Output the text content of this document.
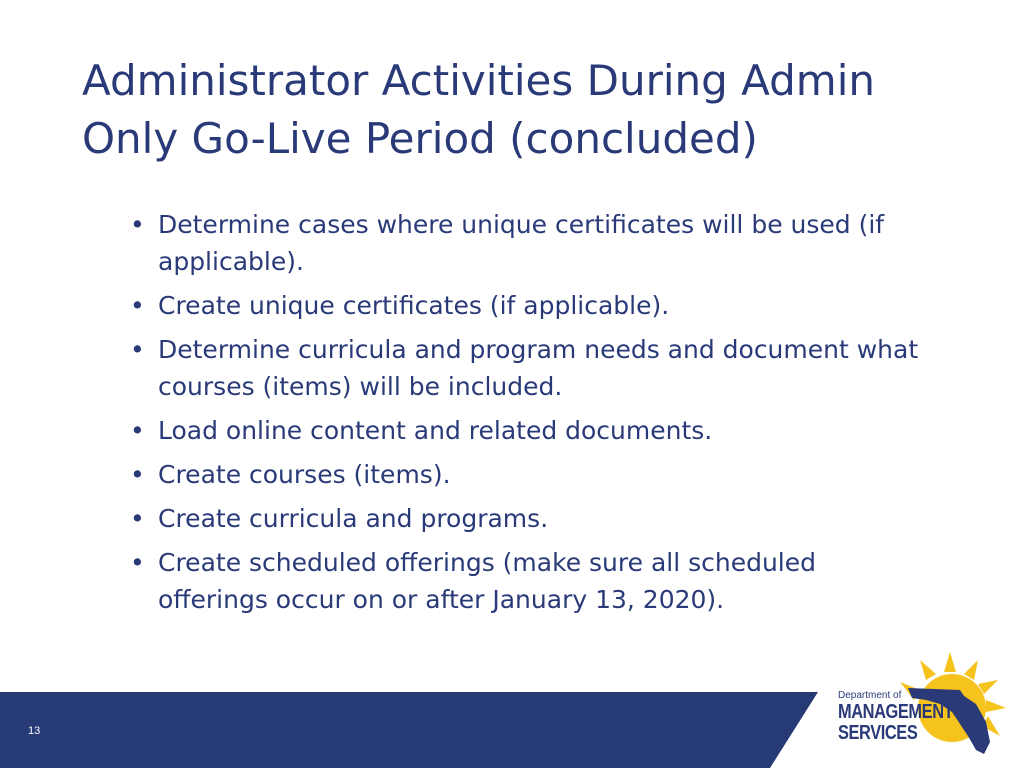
Administrator Activities During Admin
Only Go-Live Period (concluded)
• Determine cases where unique certificates will be used (if applicable).
• Create unique certificates (if applicable).
• Determine curricula and program needs and document what courses (items) will be included.
• Load online content and related documents.
• Create courses (items).
• Create curricula and programs.
• Create scheduled offerings (make sure all scheduled offerings occur on or after January 13, 2020).
13
Department of
MANAGEMENT
SERVICES
